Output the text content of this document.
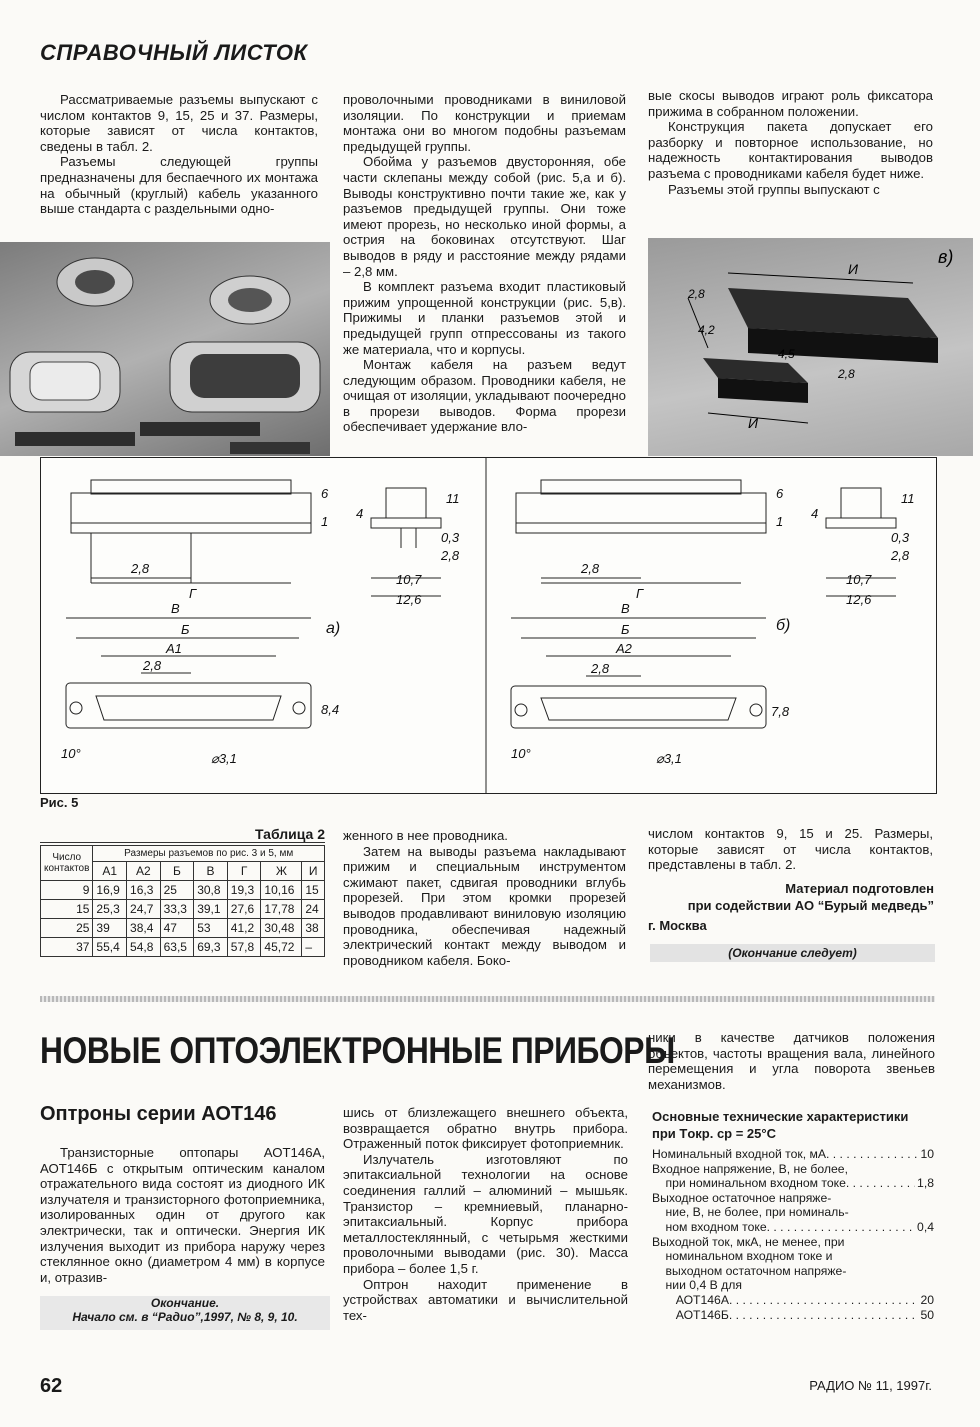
СПРАВОЧНЫЙ ЛИСТОК

Рассматриваемые разъемы выпускают с числом контактов 9, 15, 25 и 37. Размеры, которые зависят от числа контактов, сведены в табл. 2.

Разъемы следующей группы предназначены для беспаечного их монтажа на обычный (круглый) кабель указанного выше стандарта с раздельными одно-

проволочными проводниками в виниловой изоляции. По конструкции и приемам монтажа они во многом подобны разъемам предыдущей группы.

Обойма у разъемов двусторонняя, обе части склепаны между собой (рис. 5,а и б). Выводы конструктивно почти такие же, как у разъемов предыдущей группы. Они тоже имеют прорезь, но несколько иной формы, а острия на боковинах отсутствуют. Шаг выводов в ряду и расстояние между рядами – 2,8 мм.

В комплект разъема входит пластиковый прижим упрощенной конструкции (рис. 5,в). Прижимы и планки разъемов этой и предыдущей групп отпрессованы из такого же материала, что и корпусы.

Монтаж кабеля на разъем ведут следующим образом. Проводники кабеля, не очищая от изоляции, укладывают поочередно в прорези выводов. Форма прорези обеспечивает удержание вло-

вые скосы выводов играют роль фиксатора прижима в собранном положении.

Конструкция пакета допускает его разборку и повторное использование, но надежность контактирования выводов разъема с проводниками кабеля будет ниже.

Разъемы этой группы выпускают с

И
И
2,8
4,2
4,5
2,8
в)
2,8
Г
6
1
11
4
0,3
2,8
10,7
12,6
В
Б
А1
2,8
8,4
10°	⌀3,1
а)
2,8
Г
6
1
11
4
0,3
2,8
10,7
12,6
В
Б
А2
2,8
7,8
10°	⌀3,1
б)
Рис. 5
Таблица 2
Число контактов	Размеры разъемов по рис. 3 и 5, мм						
	А1	А2	Б	В	Г	Ж	И
9	16,9	16,3	25	30,8	19,3	10,16	15
15	25,3	24,7	33,3	39,1	27,6	17,78	24
25	39	38,4	47	53	41,2	30,48	38
37	55,4	54,8	63,5	69,3	57,8	45,72	–

женного в нее проводника.

Затем на выводы разъема накладывают прижим и специальным инструментом сжимают пакет, сдвигая проводники вглубь прорезей. При этом кромки прорезей выводов продавливают виниловую изоляцию проводника, обеспечивая надежный электрический контакт между выводом и проводником кабеля. Боко-

числом контактов 9, 15 и 25. Размеры, которые зависят от числа контактов, представлены в табл. 2.

Материал подготовлен
при содействии АО “Бурый медведь”
г. Москва
(Окончание следует)
НОВЫЕ ОПТОЭЛЕКТРОННЫЕ ПРИБОРЫ
Оптроны серии АОТ146

Транзисторные оптопары АОТ146А, АОТ146Б с открытым оптическим каналом отражательного вида состоят из диодного ИК излучателя и транзисторного фотоприемника, изолированных один от другого как электрически, так и оптически. Энергия ИК излучения выходит из прибора наружу через стеклянное окно (диаметром 4 мм) в корпусе и, отразив-

Окончание.
Начало см. в “Радио”,1997, № 8, 9, 10.

шись от близлежащего внешнего объекта, возвращается обратно внутрь прибора. Отраженный поток фиксирует фотоприемник.

Излучатель изготовляют по эпитаксиальной технологии на основе соединения галлий – алюминий – мышьяк. Транзистор – кремниевый, планарно-эпитаксиальный. Корпус прибора металлостеклянный, с четырьмя жесткими проволочными выводами (рис. 30). Масса прибора – более 1,5 г.

Оптрон находит применение в устройствах автоматики и вычислительной тех-

ники в качестве датчиков положения объектов, частоты вращения вала, линейного перемещения и угла поворота звеньев механизмов.

Основные технические характеристики
при Tокр. ср = 25°С
Номинальный входной ток, мА . . .	10
Входное напряжение, В, не более,
при номинальном входном токе . . .	1,8
Выходное остаточное напряже-
ние, В, не более, при номиналь-
ном входном токе . . .	0,4
Выходной ток, мкА, не менее, при
номинальном входном токе и
выходном остаточном напряже-
нии 0,4 В для
АОТ146А . . .	20
АОТ146Б . . .	50
62	РАДИО № 11, 1997г.
